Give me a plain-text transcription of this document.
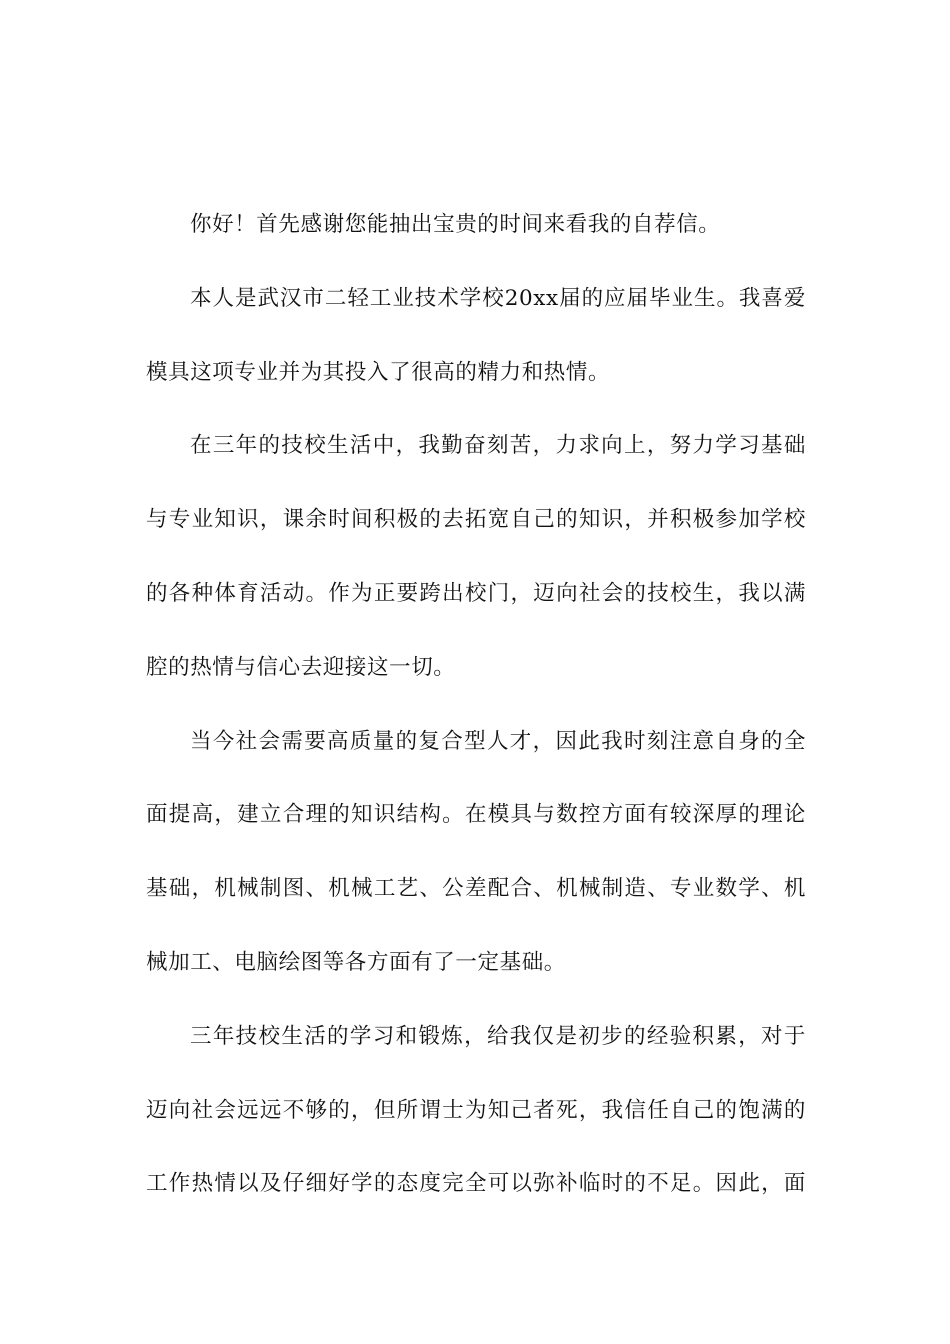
你好！首先感谢您能抽出宝贵的时间来看我的自荐信。
本人是武汉市二轻工业技术学校20xx届的应届毕业生。我喜爱
模具这项专业并为其投入了很高的精力和热情。
在三年的技校生活中，我勤奋刻苦，力求向上，努力学习基础
与专业知识，课余时间积极的去拓宽自己的知识，并积极参加学校
的各种体育活动。作为正要跨出校门，迈向社会的技校生，我以满
腔的热情与信心去迎接这一切。
当今社会需要高质量的复合型人才，因此我时刻注意自身的全
面提高，建立合理的知识结构。在模具与数控方面有较深厚的理论
基础，机械制图、机械工艺、公差配合、机械制造、专业数学、机
械加工、电脑绘图等各方面有了一定基础。
三年技校生活的学习和锻炼，给我仅是初步的经验积累，对于
迈向社会远远不够的，但所谓士为知己者死，我信任自己的饱满的
工作热情以及仔细好学的态度完全可以弥补临时的不足。因此，面
